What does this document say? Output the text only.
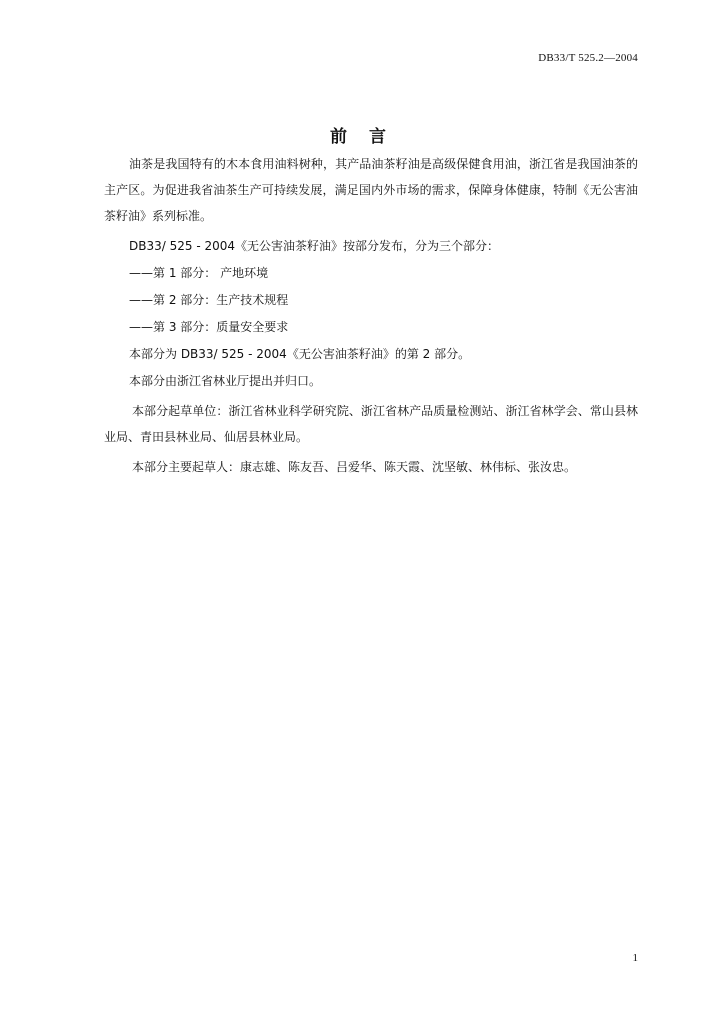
DB33/T 525.2—2004
前 言

油茶是我国特有的木本食用油料树种，其产品油茶籽油是高级保健食用油，浙江省是我国油茶的主产区。为促进我省油茶生产可持续发展，满足国内外市场的需求，保障身体健康，特制《无公害油茶籽油》系列标准。

DB33/ 525 - 2004《无公害油茶籽油》按部分发布，分为三个部分：

——第 1 部分： 产地环境

——第 2 部分：生产技术规程

——第 3 部分：质量安全要求

本部分为 DB33/ 525 - 2004《无公害油茶籽油》的第 2 部分。

本部分由浙江省林业厅提出并归口。

本部分起草单位：浙江省林业科学研究院、浙江省林产品质量检测站、浙江省林学会、常山县林业局、青田县林业局、仙居县林业局。

本部分主要起草人：康志雄、陈友吾、吕爱华、陈天霞、沈坚敏、林伟标、张汝忠。

1
